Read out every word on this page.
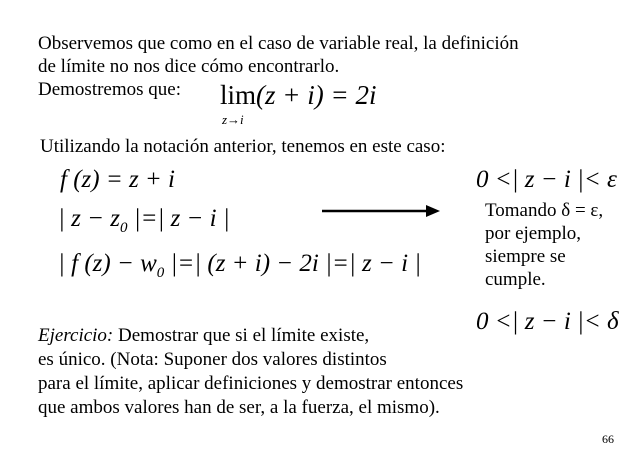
Observemos que como en el caso de variable real, la definición
de límite no nos dice cómo encontrarlo.
Demostremos que: lim(z + i) = 2i
z→i
Utilizando la notación anterior, tenemos en este caso:
f (z) = z + i
| $z - z_0$ |=| z − i |
| f $(z) - w_0$ |=| (z + i) − 2i |=| z − i |
0 <| z − i |< ε
Tomando δ = ε,
por ejemplo,
siempre se
cumple.
0 <| z − i |< δ
Ejercicio: Demostrar que si el límite existe,
es único. (Nota: Suponer dos valores distintos
para el límite, aplicar definiciones y demostrar entonces
que ambos valores han de ser, a la fuerza, el mismo).
66
